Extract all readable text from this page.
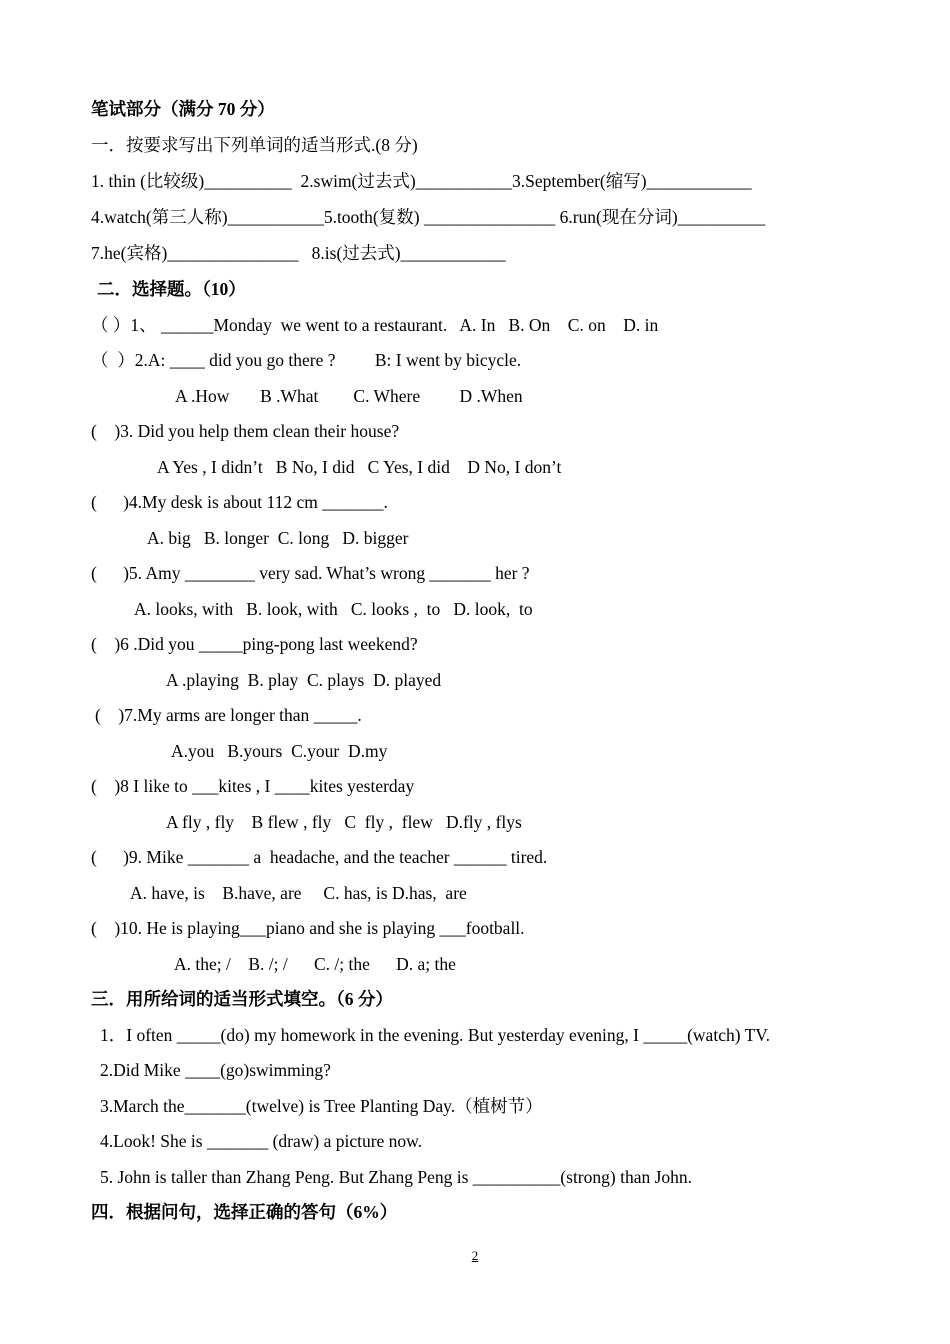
笔试部分（满分 70 分）
一．按要求写出下列单词的适当形式.(8 分)
1. thin (比较级)__________  2.swim(过去式)___________3.September(缩写)____________
4.watch(第三人称)___________5.tooth(复数) _______________ 6.run(现在分词)__________
7.he(宾格)_______________   8.is(过去式)____________
二．选择题。（10）
（ ）1、 ______Monday  we went to a restaurant.   A. In   B. On    C. on    D. in
（  ）2.A: ____ did you go there ?         B: I went by bicycle.
A .How       B .What        C. Where         D .When
(    )3. Did you help them clean their house?
A Yes , I didn’t   B No, I did   C Yes, I did    D No, I don’t
(      )4.My desk is about 112 cm _______.
A. big   B. longer  C. long   D. bigger
(      )5. Amy ________ very sad. What’s wrong _______ her ?
A. looks, with   B. look, with   C. looks ,  to   D. look,  to
(    )6 .Did you _____ping-pong last weekend?
A .playing  B. play  C. plays  D. played
(    )7.My arms are longer than _____.
A.you   B.yours  C.your  D.my
(    )8 I like to ___kites , I ____kites yesterday
A fly , fly    B flew , fly   C  fly ,  flew   D.fly , flys
(      )9. Mike _______ a  headache, and the teacher ______ tired.
A. have, is    B.have, are     C. has, is D.has,  are
(    )10. He is playing___piano and she is playing ___football.
A. the; /    B. /; /      C. /; the      D. a; the
三．用所给词的适当形式填空。（6 分）
1．I often _____(do) my homework in the evening. But yesterday evening, I _____(watch) TV.
2.Did Mike ____(go)swimming?
3.March the_______(twelve) is Tree Planting Day.（植树节）
4.Look! She is _______ (draw) a picture now.
5. John is taller than Zhang Peng. But Zhang Peng is __________(strong) than John.
四．根据问句，选择正确的答句（6%）
2
